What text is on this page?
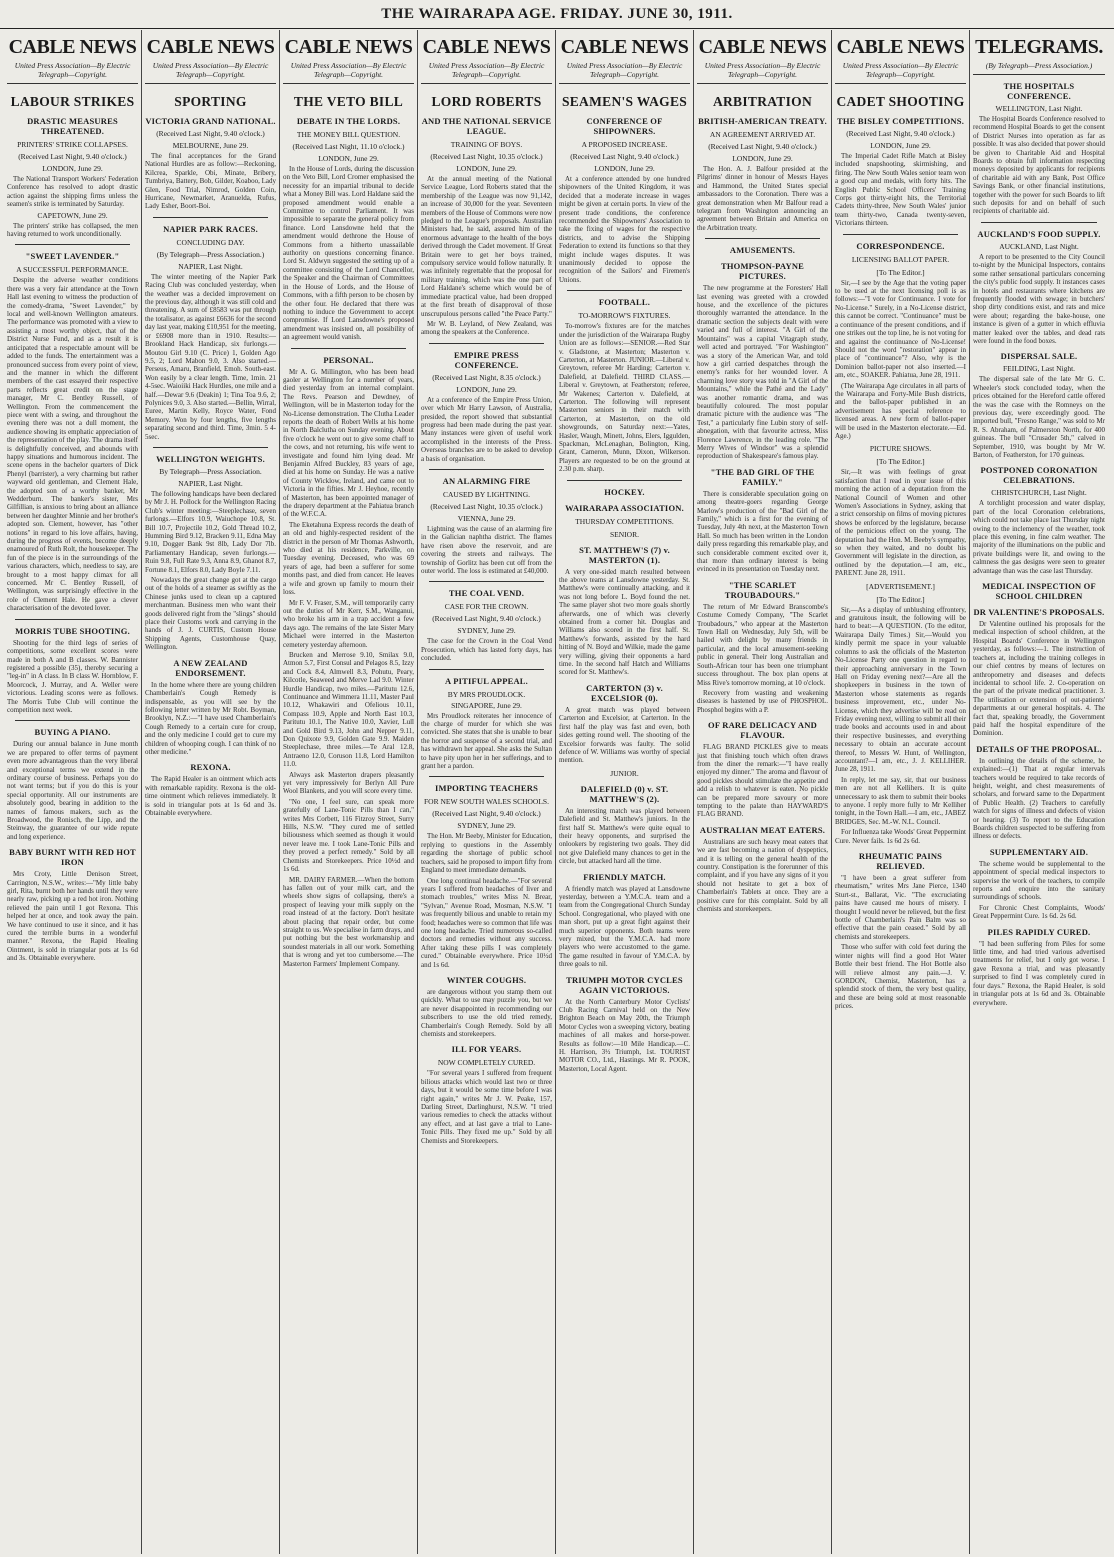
THE WAIRARAPA AGE. FRIDAY. JUNE 30, 1911.
CABLE NEWS
United Press Association—By Electric Telegraph—Copyright.
LABOUR STRIKES
DRASTIC MEASURES THREATENED.
PRINTERS' STRIKE COLLAPSES.
(Received Last Night, 9.40 o'clock.)
LONDON, June 29.
The National Transport Workers' Federation Conference has resolved to adopt drastic action against the shipping firms unless the seamen's strike is terminated by Saturday.
CAPETOWN, June 29.
The printers' strike has collapsed, the men having returned to work unconditionally.
"SWEET LAVENDER."
A SUCCESSFUL PERFORMANCE.
Despite the adverse weather conditions there was a very fair attendance at the Town Hall last evening to witness the production of the comedy-drama, "Sweet Lavender," by local and well-known Wellington amateurs. The performance was promoted with a view to assisting a most worthy object, that of the District Nurse Fund, and as a result it is anticipated that a respectable amount will be added to the funds. The entertainment was a pronounced success from every point of view, and the manner in which the different members of the cast essayed their respective parts reflects great credit on the stage manager, Mr C. Bentley Russell, of Wellington. From the commencement the piece went with a swing, and throughout the evening there was not a dull moment, the audience showing its emphatic appreciation of the representation of the play. The drama itself is delightfully conceived, and abounds with happy situations and humorous incident. The scene opens in the bachelor quarters of Dick Phenyl (barrister), a very charming but rather wayward old gentleman, and Clement Hale, the adopted son of a worthy banker, Mr Wedderburn. The banker's sister, Mrs Gilfillian, is anxious to bring about an alliance between her daughter Minnie and her brother's adopted son. Clement, however, has "other notions" in regard to his love affairs, having, during the progress of events, become deeply enamoured of Ruth Rolt, the housekeeper. The fun of the piece is in the surroundings of the various characters, which, needless to say, are brought to a most happy climax for all concerned. Mr C. Bentley Russell, of Wellington, was surprisingly effective in the role of Clement Hale. He gave a clever characterisation of the devoted lover.
MORRIS TUBE SHOOTING.
Shooting for the third legs of series of competitions, some excellent scores were made in both A and B classes. W. Bannister registered a possible (35), thereby securing a "leg-in" in A class. In B class W. Hornblow, F. Moorcock, J. Murray, and A. Weller were victorious. Leading scores were as follows. The Morris Tube Club will continue the competition next week.
BUYING A PIANO.
During our annual balance in June month we are prepared to offer terms of payment even more advantageous than the very liberal and exceptional terms we extend in the ordinary course of business. Perhaps you do not want terms; but if you do this is your special opportunity. All our instruments are absolutely good, bearing in addition to the names of famous makers, such as the Broadwood, the Ronisch, the Lipp, and the Steinway, the guarantee of our wide repute and long experience.
BABY BURNT WITH RED HOT IRON
Mrs Croty, Little Denison Street, Carrington, N.S.W., writes:—"My little baby girl, Rita, burnt both her hands until they were nearly raw, picking up a red hot iron. Nothing relieved the pain until I got Rexona. This helped her at once, and took away the pain. We have continued to use it since, and it has cured the terrible burns in a wonderful manner." Rexona, the Rapid Healing Ointment, is sold in triangular pots at 1s 6d and 3s. Obtainable everywhere.
CABLE NEWS
United Press Association—By Electric Telegraph—Copyright.
SPORTING
VICTORIA GRAND NATIONAL.
(Received Last Night, 9.40 o'clock.)
MELBOURNE, June 29.
The final acceptances for the Grand National Hurdles are as follow:—Reckoning, Kilcrea, Sparkle, Obi, Minate, Bribery, Tumbriya, Battery, Bob, Gilder, Koaboo, Lady Glen, Food Trial, Nimrod, Golden Coin, Hurricane, Newmarket, Aranuelda, Rufus, Lady Esher, Boort-Boi.
NAPIER PARK RACES.
CONCLUDING DAY.
(By Telegraph—Press Association.)
NAPIER, Last Night.
The winter meeting of the Napier Park Racing Club was concluded yesterday, when the weather was a decided improvement on the previous day, although it was still cold and threatening. A sum of £8583 was put through the totalisator, as against £6636 for the second day last year, making £10,951 for the meeting, or £6908 more than in 1910. Results:—Brookland Hack Handicap, six furlongs.—Moutou Girl 9.10 (C. Price) 1, Golden Ago 9.5, 2; Lord Mabon 9.0, 3. Also started.—Perseus, Amaru, Branfield, Emoh. South-east. Won easily by a clear length. Time, 1min. 21 4-5sec. Waioiiki Hack Hurdles, one mile and a half.—Dewar 9.6 (Deakin) 1; Tina Toa 9.6, 2; Polynices 9.0, 3. Also started.—Bellin, Wirral, Euree, Martin Kelly, Royce Water, Fond Memory. Won by four lengths, five lengths separating second and third. Time, 3min. 5 4-5sec.
WELLINGTON WEIGHTS.
By Telegraph—Press Association.
NAPIER, Last Night.
The following handicaps have been declared by Mr J. H. Pollock for the Wellington Racing Club's winter meeting:—Steeplechase, seven furlongs.—Elfors 10.9, Waiuchope 10.8, St. Bill 10.7, Projectile 10.2, Gold Thread 10.2, Humming Bird 9.12, Bracken 9.11, Edna May 9.10, Dogger Bank 9st 8lb, Lady Dor 7lb. Parliamentary Handicap, seven furlongs.—Ruin 9.8, Full Rate 9.3, Anna 8.9, Ghanot 8.7, Fortune 8.1, Elfors 8.0, Lady Boyle 7.11.
Nowadays the great change got at the cargo out of the holds of a steamer as swiftly as the Chinese junks used to clean up a captured merchantman. Business men who want their goods delivered right from the "slings" should place their Customs work and carrying in the hands of J. J. CURTIS, Custom House Shipping Agents, Customhouse Quay, Wellington.
A NEW ZEALAND ENDORSEMENT.
In the home where there are young children Chamberlain's Cough Remedy is indispensable, as you will see by the following letter written by Mr Robt. Boyman, Brooklyn, N.Z.:—"I have used Chamberlain's Cough Remedy to a certain cure for croup, and the only medicine I could get to cure my children of whooping cough. I can think of no other medicine."
REXONA.
The Rapid Healer is an ointment which acts with remarkable rapidity. Rexona is the old-time ointment which relieves immediately. It is sold in triangular pots at 1s 6d and 3s. Obtainable everywhere.
CABLE NEWS
United Press Association—By Electric Telegraph—Copyright.
THE VETO BILL
DEBATE IN THE LORDS.
THE MONEY BILL QUESTION.
(Received Last Night, 11.10 o'clock.)
LONDON, June 29.
In the House of Lords, during the discussion on the Veto Bill, Lord Cromer emphasised the necessity for an impartial tribunal to decide what a Money Bill was. Lord Haldane said the proposed amendment would enable a Committee to control Parliament. It was impossible to separate the general policy from finance. Lord Lansdowne held that the amendment would dethrone the House of Commons from a hitherto unassailable authority on questions concerning finance. Lord St. Aldwyn suggested the setting up of a committee consisting of the Lord Chancellor, the Speaker and the Chairman of Committees in the House of Lords, and the House of Commons, with a fifth person to be chosen by the other four. He declared that there was nothing to induce the Government to accept compromise. If Lord Lansdowne's proposed amendment was insisted on, all possibility of an agreement would vanish.
PERSONAL.
Mr A. G. Millington, who has been head gaoler at Wellington for a number of years, died yesterday from an internal complaint. The Revs. Pearson and Dewdney, of Wellington, will be in Masterton today for the No-License demonstration. The Clutha Leader reports the death of Robert Wells at his home in North Balclutha on Sunday evening. About five o'clock he went out to give some chaff to the cows, and not returning, his wife went to investigate and found him lying dead. Mr Benjamin Alfred Buckley, 83 years of age, died at his home on Sunday. He was a native of County Wicklow, Ireland, and came out to Victoria in the fifties. Mr J. Heyhoe, recently of Masterton, has been appointed manager of the drapery department at the Pahiatua branch of the W.F.C.A.
The Eketahuna Express records the death of an old and highly-respected resident of the district in the person of Mr Thomas Ashworth, who died at his residence, Parkville, on Tuesday evening. Deceased, who was 69 years of age, had been a sufferer for some months past, and died from cancer. He leaves a wife and grown up family to mourn their loss.
Mr F. V. Fraser, S.M., will temporarily carry out the duties of Mr Kerr, S.M., Wanganui, who broke his arm in a trap accident a few days ago. The remains of the late Sister Mary Michael were interred in the Masterton cemetery yesterday afternoon.
Brucken and Merrose 9.10, Smilax 9.0, Atmon 5.7, First Consul and Pelagos 8.5, Izzy and Cock 8.4, Almwell 8.3, Pohutu, Peary, Kilcotle, Seaweed and Merve Lad 9.0. Winter Hurdle Handicap, two miles.—Paritutu 12.6, Continuance and Wimmera 11.11, Master Paul 10.12, Whakawiri and Ofelious 10.11, Compass 10.9, Apple and North East 10.3, Paritutu 10.1, The Native 10.0, Xavier, Lull and Gold Bird 9.13, John and Nepper 9.11, Don Quixote 9.9, Golden Gate 9.9. Maiden Steeplechase, three miles.—Te Aral 12.8, Antraeno 12.0, Coruson 11.8, Lord Hamilton 11.0.
Always ask Masterton drapers pleasantly yet very impressively for Berlyn All Pure Wool Blankets, and you will score every time.
"No one, I feel sure, can speak more gratefully of Lane-Tonic Pills than I can," writes Mrs Corbett, 116 Fitzroy Street, Surry Hills, N.S.W. "They cured me of settled biliousness which seemed as though it would never leave me. I took Lane-Tonic Pills and they proved a perfect remedy." Sold by all Chemists and Storekeepers. Price 10½d and 1s 6d.
MR. DAIRY FARMER.—When the bottom has fallen out of your milk cart, and the wheels show signs of collapsing, there's a prospect of leaving your milk supply on the road instead of at the factory. Don't hesitate about placing that repair order, but come straight to us. We specialise in farm drays, and put nothing but the best workmanship and soundest materials in all our work. Something that is wrong and yet too cumbersome.—The Masterton Farmers' Implement Company.
CABLE NEWS
United Press Association—By Electric Telegraph—Copyright.
LORD ROBERTS
AND THE NATIONAL SERVICE LEAGUE.
TRAINING OF BOYS.
(Received Last Night, 10.35 o'clock.)
LONDON, June 29.
At the annual meeting of the National Service League, Lord Roberts stated that the membership of the League was now 91,142, an increase of 30,000 for the year. Seventeen members of the House of Commons were now pledged to the League's proposals. Australian Ministers had, he said, assured him of the enormous advantage to the health of the boys derived through the Cadet movement. If Great Britain were to get her boys trained, compulsory service would follow naturally. It was infinitely regrettable that the proposal for military training, which was the one part of Lord Haldane's scheme which would be of immediate practical value, had been dropped at the first breath of disapproval of those unscrupulous persons called "the Peace Party."
Mr W. B. Leyland, of New Zealand, was among the speakers at the Conference.
EMPIRE PRESS CONFERENCE.
(Received Last Night, 8.35 o'clock.)
LONDON, June 29.
At a conference of the Empire Press Union, over which Mr Harry Lawson, of Australia, presided, the report showed that substantial progress had been made during the past year. Many instances were given of useful work accomplished in the interests of the Press. Overseas branches are to be asked to develop a basis of organisation.
AN ALARMING FIRE
CAUSED BY LIGHTNING.
(Received Last Night, 10.35 o'clock.)
VIENNA, June 29.
Lightning was the cause of an alarming fire in the Galician naphtha district. The flames have risen above the reservoir, and are covering the streets and railways. The township of Gorlitz has been cut off from the outer world. The loss is estimated at £40,000.
THE COAL VEND.
CASE FOR THE CROWN.
(Received Last Night, 9.40 o'clock.)
SYDNEY, June 29.
The case for the Crown in the Coal Vend Prosecution, which has lasted forty days, has concluded.
A PITIFUL APPEAL.
BY MRS PROUDLOCK.
SINGAPORE, June 29.
Mrs Proudlock reiterates her innocence of the charge of murder for which she was convicted. She states that she is unable to bear the horror and suspense of a second trial, and has withdrawn her appeal. She asks the Sultan to have pity upon her in her sufferings, and to grant her a pardon.
IMPORTING TEACHERS
FOR NEW SOUTH WALES SCHOOLS.
(Received Last Night, 9.40 o'clock.)
SYDNEY, June 29.
The Hon. Mr Beeby, Minister for Education, replying to questions in the Assembly regarding the shortage of public school teachers, said he proposed to import fifty from England to meet immediate demands.
One long continual headache.—"For several years I suffered from headaches of liver and stomach troubles," writes Miss N. Brear, "Sylvan," Avenue Road, Mosman, N.S.W. "I was frequently bilious and unable to retain my food; headaches were so common that life was one long headache. Tried numerous so-called doctors and remedies without any success. After taking these pills I was completely cured." Obtainable everywhere. Price 10½d and 1s 6d.
WINTER COUGHS.
are dangerous without you stamp them out quickly. What to use may puzzle you, but we are never disappointed in recommending our subscribers to use the old tried remedy, Chamberlain's Cough Remedy. Sold by all chemists and storekeepers.
ILL FOR YEARS.
NOW COMPLETELY CURED.
"For several years I suffered from frequent bilious attacks which would last two or three days, but it would be some time before I was right again," writes Mr J. W. Peake, 157, Darling Street, Darlinghurst, N.S.W. "I tried various remedies to check the attacks without any effect, and at last gave a trial to Lane-Tonic Pills. They fixed me up." Sold by all Chemists and Storekeepers.
CABLE NEWS
United Press Association—By Electric Telegraph—Copyright.
SEAMEN'S WAGES
CONFERENCE OF SHIPOWNERS.
A PROPOSED INCREASE.
(Received Last Night, 9.40 o'clock.)
LONDON, June 29.
At a conference attended by one hundred shipowners of the United Kingdom, it was decided that a moderate increase in wages might be given at certain ports. In view of the present trade conditions, the conference recommended the Shipowners' Association to take the fixing of wages for the respective districts, and to advise the Shipping Federation to extend its functions so that they might include wages disputes. It was unanimously decided to oppose the recognition of the Sailors' and Firemen's Unions.
FOOTBALL.
TO-MORROW'S FIXTURES.
To-morrow's fixtures are for the matches under the jurisdiction of the Wairarapa Rugby Union are as follows:—SENIOR.—Red Star v. Gladstone, at Masterton; Masterton v. Carterton, at Masterton. JUNIOR.—Liberal v. Greytown, referee Mr Harding; Carterton v. Dalefield, at Dalefield. THIRD CLASS.—Liberal v. Greytown, at Featherston; referee, Mr Wakenes; Carterton v. Dalefield, at Carterton. The following will represent Masterton seniors in their match with Carterton, at Masterton, on the old showgrounds, on Saturday next:—Yates, Hasler, Waugh, Minett, Johns, Elers, Iggulden, Spackman, McLenaghan, Bolington, King, Grant, Cameron, Munn, Dixon, Wilkerson. Players are requested to be on the ground at 2.30 p.m. sharp.
HOCKEY.
WAIRARAPA ASSOCIATION.
THURSDAY COMPETITIONS.
SENIOR.
ST. MATTHEW'S (7) v. MASTERTON (1).
A very one-sided match resulted between the above teams at Lansdowne yesterday. St. Matthew's were continually attacking, and it was not long before L. Boyd found the net. The same player shot two more goals shortly afterwards, one of which was cleverly obtained from a corner hit. Douglas and Williams also scored in the first half. St. Matthew's forwards, assisted by the hard hitting of N. Boyd and Wilkie, made the game very willing, giving their opponents a hard time. In the second half Hatch and Williams scored for St. Matthew's.
CARTERTON (3) v. EXCELSIOR (0).
A great match was played between Carterton and Excelsior, at Carterton. In the first half the play was fast and even, both sides getting round well. The shooting of the Excelsior forwards was faulty. The solid defence of W. Williams was worthy of special mention.
JUNIOR.
DALEFIELD (0) v. ST. MATTHEW'S (2).
An interesting match was played between Dalefield and St. Matthew's juniors. In the first half St. Matthew's were quite equal to their heavy opponents, and surprised the onlookers by registering two goals. They did not give Dalefield many chances to get in the circle, but attacked hard all the time.
FRIENDLY MATCH.
A friendly match was played at Lansdowne yesterday, between a Y.M.C.A. team and a team from the Congregational Church Sunday School. Congregational, who played with one man short, put up a great fight against their much superior opponents. Both teams were very mixed, but the Y.M.C.A. had more players who were accustomed to the game. The game resulted in favour of Y.M.C.A. by three goals to nil.
TRIUMPH MOTOR CYCLES AGAIN VICTORIOUS.
At the North Canterbury Motor Cyclists' Club Racing Carnival held on the New Brighton Beach on May 20th, the Triumph Motor Cycles won a sweeping victory, beating machines of all makes and horse-power. Results as follow:—10 Mile Handicap.—C. H. Harrison, 3½ Triumph, 1st. TOURIST MOTOR CO., Ltd., Hastings. Mr R. POOK, Masterton, Local Agent.
CABLE NEWS
United Press Association—By Electric Telegraph—Copyright.
ARBITRATION
BRITISH-AMERICAN TREATY.
AN AGREEMENT ARRIVED AT.
(Received Last Night, 9.40 o'clock.)
LONDON, June 29.
The Hon. A. J. Balfour presided at the Pilgrims' dinner in honour of Messrs Hayes and Hammond, the United States special ambassadors to the Coronation. There was a great demonstration when Mr Balfour read a telegram from Washington announcing an agreement between Britain and America on the Arbitration treaty.
AMUSEMENTS.
THOMPSON-PAYNE PICTURES.
The new programme at the Foresters' Hall last evening was greeted with a crowded house, and the excellence of the pictures thoroughly warranted the attendance. In the dramatic section the subjects dealt with were varied and full of interest. "A Girl of the Mountains" was a capital Vitagraph study, well acted and portrayed. "For Washington" was a story of the American War, and told how a girl carried despatches through the enemy's ranks for her wounded lover. A charming love story was told in "A Girl of the Mountains," while the Pathé and the Lady" was another romantic drama, and was beautifully coloured. The most popular dramatic picture with the audience was "The Test," a particularly fine Lubin story of self-abnegation, with that favourite actress, Miss Florence Lawrence, in the leading role. "The Merry Wives of Windsor" was a splendid reproduction of Shakespeare's famous play.
"THE BAD GIRL OF THE FAMILY."
There is considerable speculation going on among theatre-goers regarding George Marlow's production of the "Bad Girl of the Family," which is a first for the evening of Tuesday, July 4th next, at the Masterton Town Hall. So much has been written in the London daily press regarding this remarkable play, and such considerable comment excited over it, that more than ordinary interest is being evinced in its presentation on Tuesday next.
"THE SCARLET TROUBADOURS."
The return of Mr Edward Branscombe's Costume Comedy Company, "The Scarlet Troubadours," who appear at the Masterton Town Hall on Wednesday, July 5th, will be hailed with delight by many friends in particular, and the local amusement-seeking public in general. Their long Australian and South-African tour has been one triumphant success throughout. The box plan opens at Miss Rive's tomorrow morning, at 10 o'clock.
Recovery from wasting and weakening diseases is hastened by use of PHOSPHOL. Phosphol begins with a P.
OF RARE DELICACY AND FLAVOUR.
FLAG BRAND PICKLES give to meats just that finishing touch which often draws from the diner the remark:—"I have really enjoyed my dinner." The aroma and flavour of good pickles should stimulate the appetite and add a relish to whatever is eaten. No pickle can be prepared more savoury or more tempting to the palate than HAYWARD'S FLAG BRAND.
AUSTRALIAN MEAT EATERS.
Australians are such heavy meat eaters that we are fast becoming a nation of dyspeptics, and it is telling on the general health of the country. Constipation is the forerunner of this complaint, and if you have any signs of it you should not hesitate to get a box of Chamberlain's Tablets at once. They are a positive cure for this complaint. Sold by all chemists and storekeepers.
CABLE NEWS
United Press Association—By Electric Telegraph—Copyright.
CADET SHOOTING
THE BISLEY COMPETITIONS.
(Received Last Night, 9.40 o'clock.)
LONDON, June 29.
The Imperial Cadet Rifle Match at Bisley included snapshooting, skirmishing, and firing. The New South Wales senior team won a good cup and medals, with forty hits. The English Public School Officers' Training Corps got thirty-eight hits, the Territorial Cadets thirty-three, New South Wales' junior team thirty-two, Canada twenty-seven, Victorians thirteen.
CORRESPONDENCE.
LICENSING BALLOT PAPER.
[To The Editor.]
Sir,—I see by the Age that the voting paper to be used at the next licensing poll is as follows:—"I vote for Continuance. I vote for No-License." Surely, in a No-License district, this cannot be correct. "Continuance" must be a continuance of the present conditions, and if one strikes out the top line, he is not voting for and against the continuance of No-License! Should not the word "restoration" appear in place of "continuance"? Also, why is the Dominion ballot-paper not also inserted.—I am, etc., SOAKER. Pahiatua, June 28, 1911.
(The Wairarapa Age circulates in all parts of the Wairarapa and Forty-Mile Bush districts, and the ballot-paper published in an advertisement has special reference to licensed areas. A new form of ballot-paper will be used in the Masterton electorate.—Ed. Age.)
PICTURE SHOWS.
[To The Editor.]
Sir,—It was with feelings of great satisfaction that I read in your issue of this morning the action of a deputation from the National Council of Women and other Women's Associations in Sydney, asking that a strict censorship on films of moving pictures shows be enforced by the legislature, because of the pernicious effect on the young. The deputation had the Hon. M. Beeby's sympathy, so when they waited, and no doubt his Government will legislate in the direction, as outlined by the deputation.—I am, etc., PARENT. June 28, 1911.
[ADVERTISEMENT.]
[To The Editor.]
Sir,—As a display of unblushing effrontery, and gratuitous insult, the following will be hard to beat:—A QUESTION. (To the editor, Wairarapa Daily Times.) Sir,—Would you kindly permit me space in your valuable columns to ask the officials of the Masterton No-License Party one question in regard to their approaching anniversary in the Town Hall on Friday evening next?—Are all the shopkeepers in business in the town of Masterton whose statements as regards business improvement, etc., under No-License, which they advertise will be read on Friday evening next, willing to submit all their trade books and accounts used in and about their respective businesses, and everything necessary to obtain an accurate account thereof, to Messrs W. Hunt, of Wellington, accountant?—I am, etc., J. J. KELLIHER. June 28, 1911.
In reply, let me say, sir, that our business men are not all Kellihers. It is quite unnecessary to ask them to submit their books to anyone. I reply more fully to Mr Kelliher tonight, in the Town Hall.—I am, etc., JABEZ BRIDGES, Sec. M.-W. N.L. Council.
For Influenza take Woods' Great Peppermint Cure. Never fails. 1s 6d 2s 6d.
RHEUMATIC PAINS RELIEVED.
"I have been a great sufferer from rheumatism," writes Mrs Jane Pierce, 1340 Sturt-st., Ballarat, Vic. "The excruciating pains have caused me hours of misery. I thought I would never be relieved, but the first bottle of Chamberlain's Pain Balm was so effective that the pain ceased." Sold by all chemists and storekeepers.
Those who suffer with cold feet during the winter nights will find a good Hot Water Bottle their best friend. The Hot Bottle also will relieve almost any pain.—J. V. GORDON, Chemist, Masterton, has a splendid stock of them, the very best quality, and these are being sold at most reasonable prices.
TELEGRAMS.
(By Telegraph—Press Association.)
THE HOSPITALS CONFERENCE.
WELLINGTON, Last Night.
The Hospital Boards Conference resolved to recommend Hospital Boards to get the consent of District Nurses into operation as far as possible. It was also decided that power should be given to Charitable Aid and Hospital Boards to obtain full information respecting moneys deposited by applicants for recipients of charitable aid with any Bank, Post Office Savings Bank, or other financial institutions, together with the power for such Boards to lift such deposits for and on behalf of such recipients of charitable aid.
AUCKLAND'S FOOD SUPPLY.
AUCKLAND, Last Night.
A report to be presented to the City Council to-night by the Municipal Inspectors, contains some rather sensational particulars concerning the city's public food supply. It instances cases in hotels and restaurants where kitchens are frequently flooded with sewage; in butchers' shop dirty conditions exist, and rats and mice were about; regarding the bake-house, one instance is given of a gutter in which effluvia matter leaked over the tables, and dead rats were found in the food boxes.
DISPERSAL SALE.
FEILDING, Last Night.
The dispersal sale of the late Mr G. C. Wheeler's stock concluded today, when the prices obtained for the Hereford cattle offered the was the case with the Romneys on the previous day, were exceedingly good. The imported bull, "Fresno Range," was sold to Mr R. S. Abraham, of Palmerston North, for 400 guineas. The bull "Crusader 5th," calved in September, 1910, was bought by Mr W. Barton, of Featherston, for 170 guineas.
POSTPONED CORONATION CELEBRATIONS.
CHRISTCHURCH, Last Night.
A torchlight procession and water display, part of the local Coronation celebrations, which could not take place last Thursday night owing to the inclemency of the weather, took place this evening, in fine calm weather. The majority of the illuminations on the public and private buildings were lit, and owing to the calmness the gas designs were seen to greater advantage than was the case last Thursday.
MEDICAL INSPECTION OF SCHOOL CHILDREN
DR VALENTINE'S PROPOSALS.
Dr Valentine outlined his proposals for the medical inspection of school children, at the Hospital Boards' Conference in Wellington yesterday, as follows:—1. The instruction of teachers at, including the training colleges in our chief centres by means of lectures on anthropometry and diseases and defects incidental to school life. 2. Co-operation on the part of the private medical practitioner. 3. The utilisation or extension of out-patients' departments at our general hospitals. 4. The fact that, speaking broadly, the Government paid half the hospital expenditure of the Dominion.
DETAILS OF THE PROPOSAL.
In outlining the details of the scheme, he explained:—(1) That at regular intervals teachers would be required to take records of height, weight, and chest measurements of scholars, and forward same to the Department of Public Health. (2) Teachers to carefully watch for signs of illness and defects of vision or hearing. (3) To report to the Education Boards children suspected to be suffering from illness or defects.
SUPPLEMENTARY AID.
The scheme would be supplemental to the appointment of special medical inspectors to supervise the work of the teachers, to compile reports and enquire into the sanitary surroundings of schools.
For Chronic Chest Complaints, Woods' Great Peppermint Cure. 1s 6d. 2s 6d.
PILES RAPIDLY CURED.
"I had been suffering from Piles for some little time, and had tried various advertised treatments for relief, but I only got worse. I gave Rexona a trial, and was pleasantly surprised to find I was completely cured in four days." Rexona, the Rapid Healer, is sold in triangular pots at 1s 6d and 3s. Obtainable everywhere.
